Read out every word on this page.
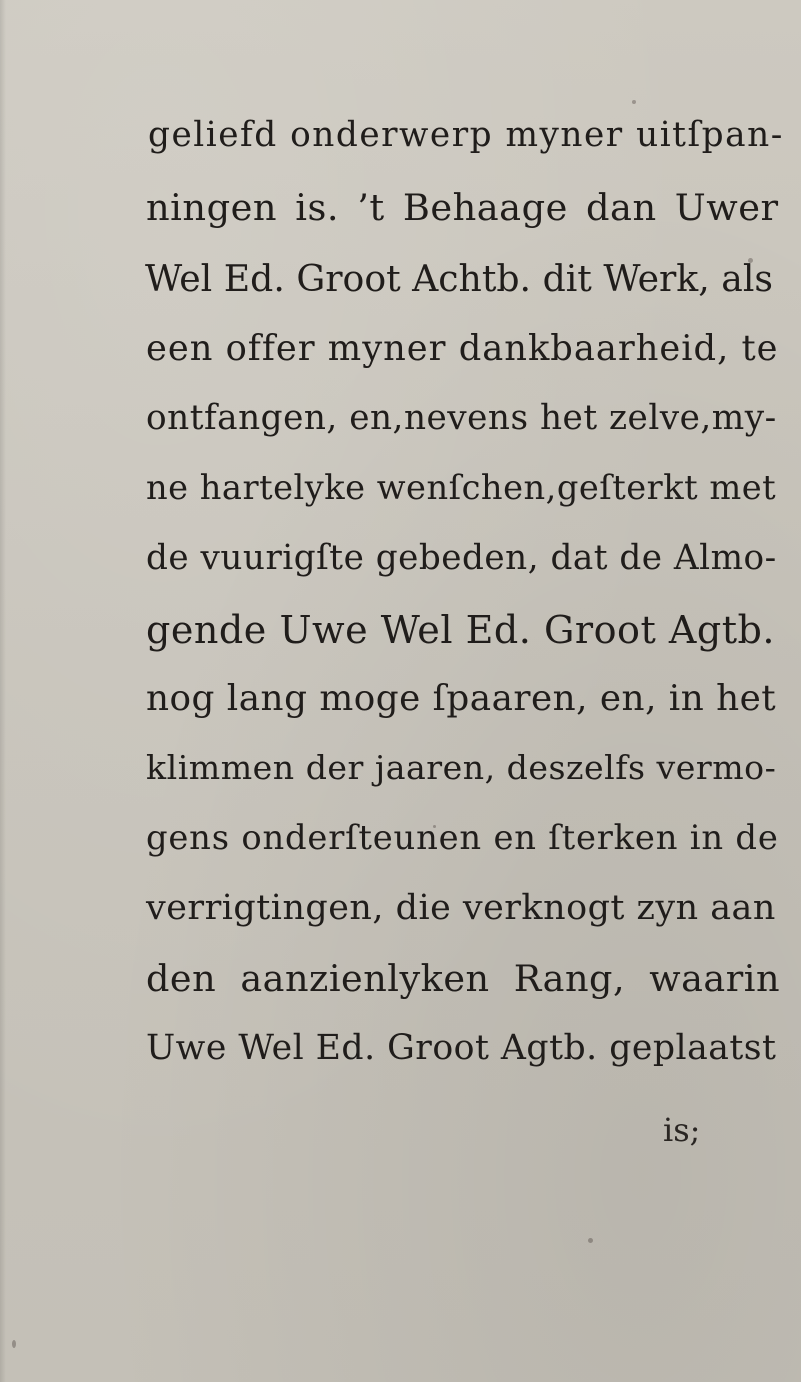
geliefd onderwerp myner uitſpan-
ningen is. ’t Behaage dan Uwer
Wel Ed. Groot Achtb. dit Werk, als
een offer myner dankbaarheid, te
ontfangen, en,nevens het zelve,my-
ne hartelyke wenſchen,geſterkt met
de vuurigſte gebeden, dat de Almo-
gende Uwe Wel Ed. Groot Agtb.
nog lang moge ſpaaren, en, in het
klimmen der jaaren, deszelfs vermo-
gens onderſteunen en ſterken in de
verrigtingen, die verknogt zyn aan
den aanzienlyken Rang, waarin
Uwe Wel Ed. Groot Agtb. geplaatst
is;
